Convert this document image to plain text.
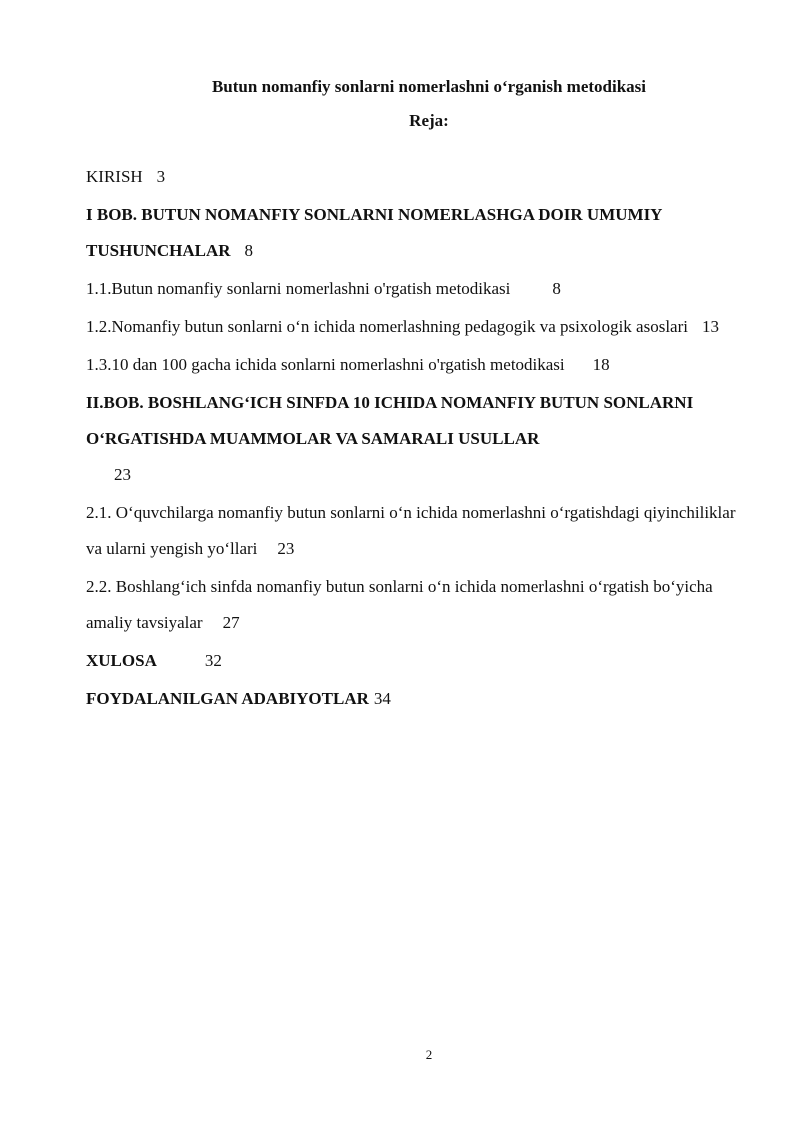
Butun nomanfiy sonlarni nomerlashni o‘rganish metodikasi
Reja:

KIRISH 3

I BOB. BUTUN NOMANFIY SONLARNI NOMERLASHGA DOIR UMUMIY TUSHUNCHALAR 8

1.1.Butun nomanfiy sonlarni nomerlashni o'rgatish metodikasi 8

1.2.Nomanfiy butun sonlarni o‘n ichida nomerlashning pedagogik va psixologik asoslari 13

1.3.10 dan 100 gacha ichida sonlarni nomerlashni o'rgatish metodikasi 18

II.BOB. BOSHLANG‘ICH SINFDA 10 ICHIDA NOMANFIY BUTUN SONLARNI O‘RGATISHDA MUAMMOLAR VA SAMARALI USULLAR
23

2.1. O‘quvchilarga nomanfiy butun sonlarni o‘n ichida nomerlashni o‘rgatishdagi qiyinchiliklar va ularni yengish yo‘llari 23

2.2. Boshlang‘ich sinfda nomanfiy butun sonlarni o‘n ichida nomerlashni o‘rgatish bo‘yicha amaliy tavsiyalar 27

XULOSA	32

FOYDALANILGAN ADABIYOTLAR 34

2
